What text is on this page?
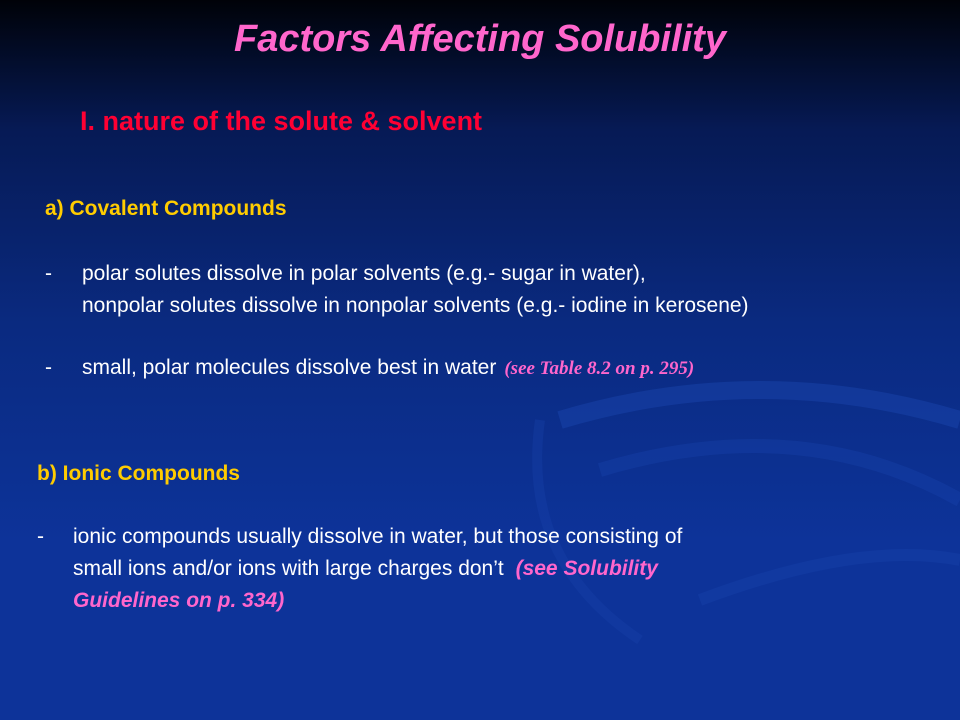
Factors Affecting Solubility
I. nature of the solute & solvent
a) Covalent Compounds
- polar solutes dissolve in polar solvents (e.g.- sugar in water),
nonpolar solutes dissolve in nonpolar solvents (e.g.- iodine in kerosene)
- small, polar molecules dissolve best in water (see Table 8.2 on p. 295)
b) Ionic Compounds
- ionic compounds usually dissolve in water, but those consisting of
small ions and/or ions with large charges don’t (see Solubility
Guidelines on p. 334)
